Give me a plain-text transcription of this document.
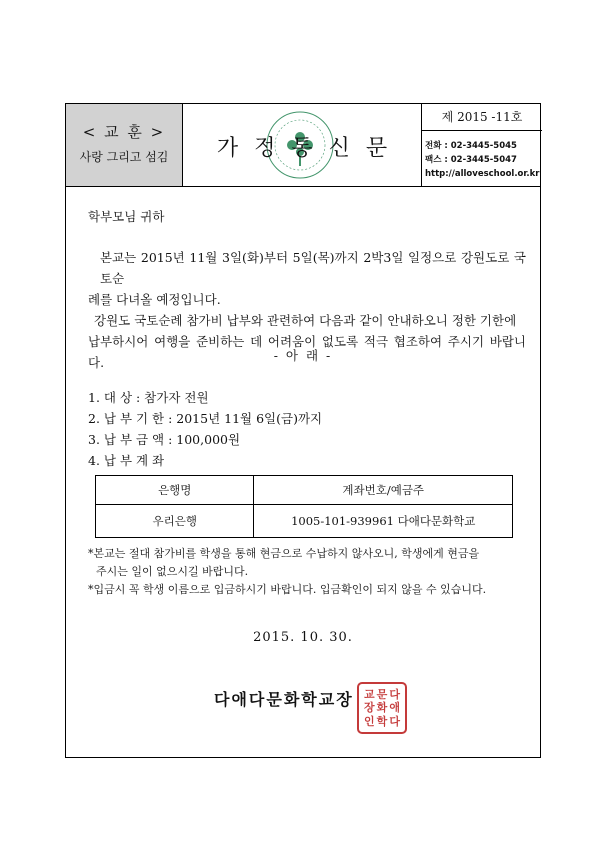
< 교 훈 >
사랑 그리고 섬김	가정통신문
제 2015 -11호
전화 : 02-3445-5045
팩스 : 02-3445-5047
http://alloveschool.or.kr
학부모님 귀하
본교는 2015년 11월 3일(화)부터 5일(목)까지 2박3일 일정으로 강원도로 국토순
례를 다녀올 예정입니다.
강원도 국토순례 참가비 납부와 관련하여 다음과 같이 안내하오니 정한 기한에
납부하시어 여행을 준비하는 데 어려움이 없도록 적극 협조하여 주시기 바랍니다.	- 아 래 -
1. 대 상 : 참가자 전원
2. 납 부 기 한 : 2015년 11월 6일(금)까지
3. 납 부 금 액 : 100,000원
4. 납 부 계 좌
은행명	계좌번호/예금주
우리은행	1005-101-939961 다애다문화학교
*본교는 절대 참가비를 학생을 통해 현금으로 수납하지 않사오니, 학생에게 현금을
주시는 일이 없으시길 바랍니다.
*입금시 꼭 학생 이름으로 입금하시기 바랍니다. 입금확인이 되지 않을 수 있습니다.
2015. 10. 30.
다애다문화학교장 교 문 다
장 화 애
인 학 다
